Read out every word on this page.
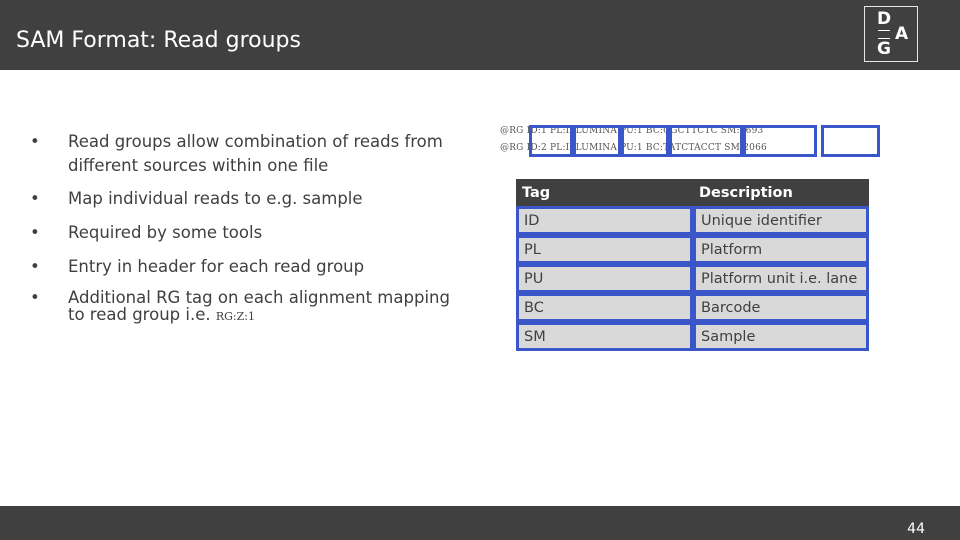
SAM Format: Read groups
D
A
G
• Read groups allow combination of reads from different sources within one file
• Map individual reads to e.g. sample
• Required by some tools
• Entry in header for each read group
• Additional RG tag on each alignment mapping to read group i.e. RG:Z:1
@RG ID:1 PL:ILLUMINA PU:1 BC:CGCTTCTC SM:1693
@RG ID:2 PL:ILLUMINA PU:1 BC:TATCTACCT SM:2066
Tag	Description
ID	Unique identifier
PL	Platform
PU	Platform unit i.e. lane
BC	Barcode
SM	Sample
44
